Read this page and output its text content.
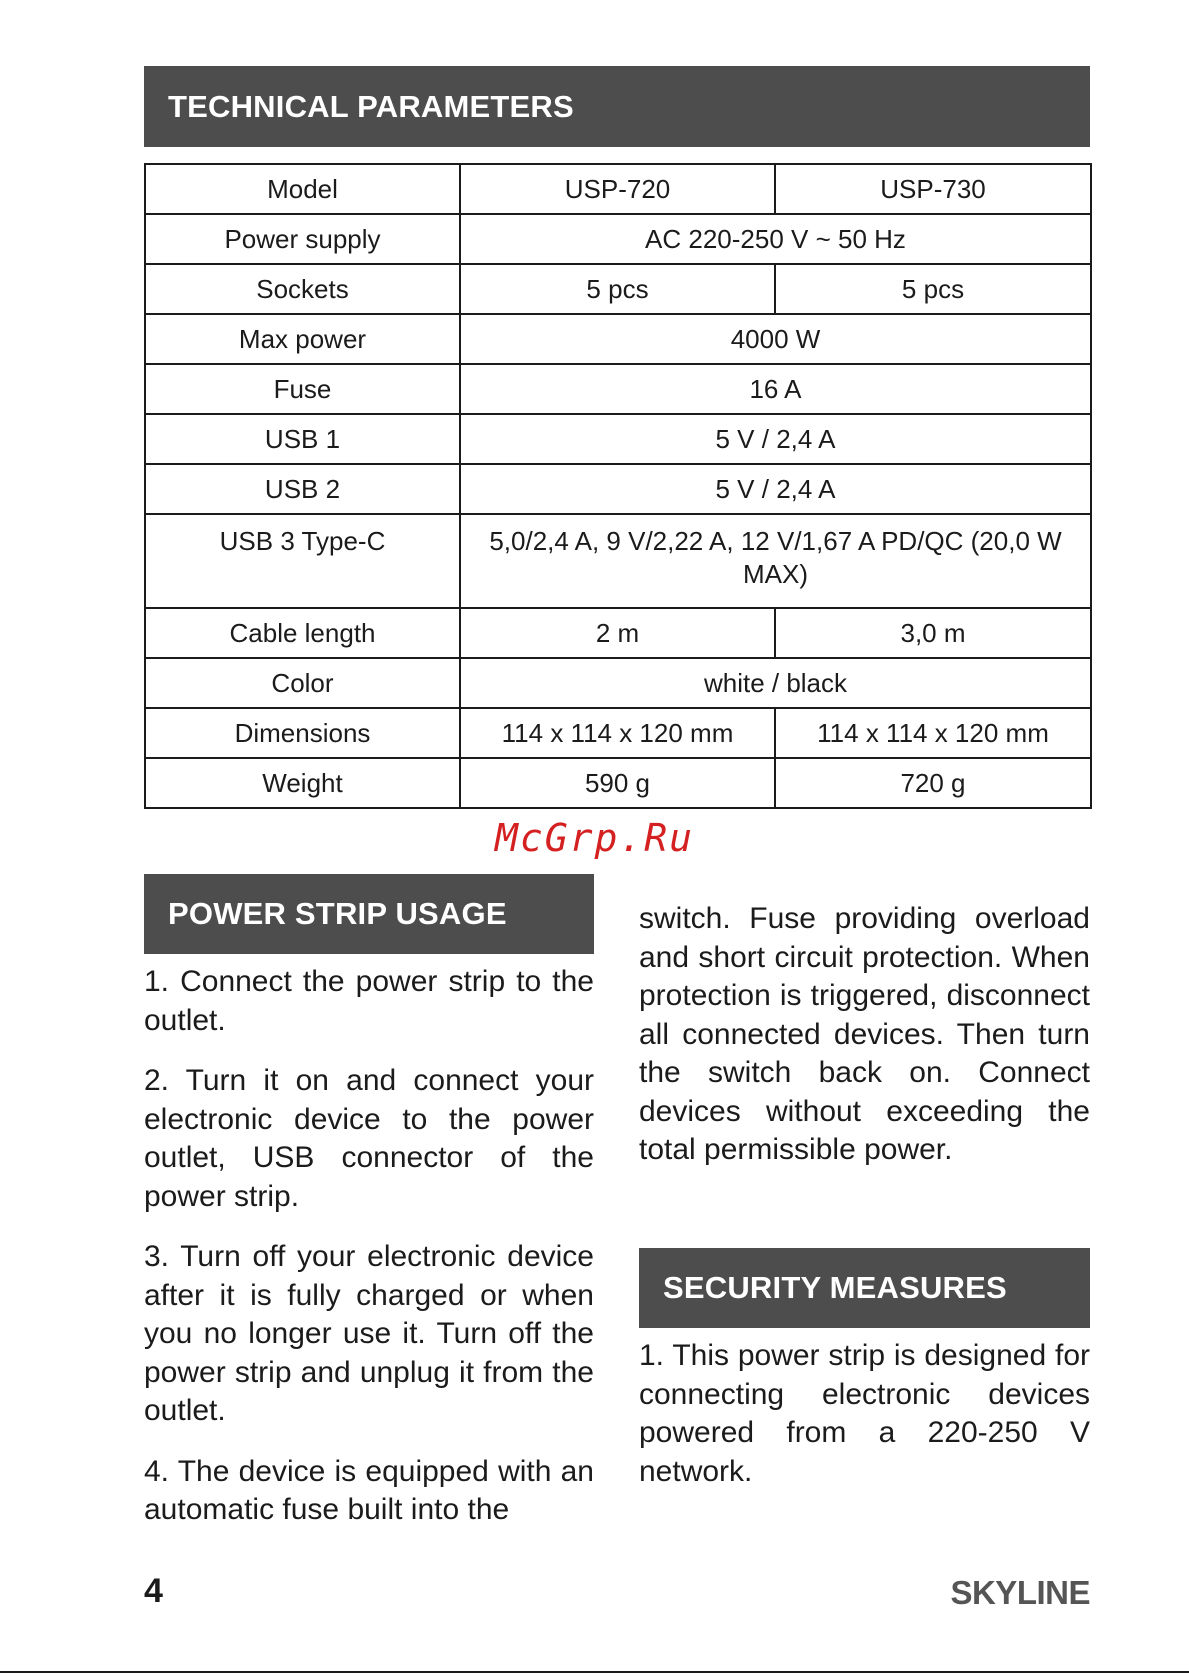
TECHNICAL PARAMETERS
Model	USP-720	USP-730
Power supply	AC 220-250 V ~ 50 Hz	
Sockets	5 pcs	5 pcs
Max power	4000 W	
Fuse	16 A	
USB 1	5 V / 2,4 A	
USB 2	5 V / 2,4 A	
USB 3 Type-C	5,0/2,4 A, 9 V/2,22 A, 12 V/1,67 A PD/QC (20,0 W MAX)	
Cable length	2 m	3,0 m
Color	white / black	
Dimensions	114 x 114 x 120 mm	114 x 114 x 120 mm
Weight	590 g	720 g
McGrp.Ru
POWER STRIP USAGE

1. Connect the power strip to the outlet.

2. Turn it on and connect your electronic device to the power outlet, USB connector of the power strip.

3. Turn off your electronic device after it is fully charged or when you no longer use it. Turn off the power strip and unplug it from the outlet.

4. The device is equipped with an automatic fuse built into the

switch. Fuse providing overload and short circuit protection. When protection is triggered, disconnect all connected devices. Then turn the switch back on. Connect devices without exceeding the total permissible power.

SECURITY MEASURES

1. This power strip is designed for connecting electronic devices powered from a 220-250 V network.

4	SKYLINE
